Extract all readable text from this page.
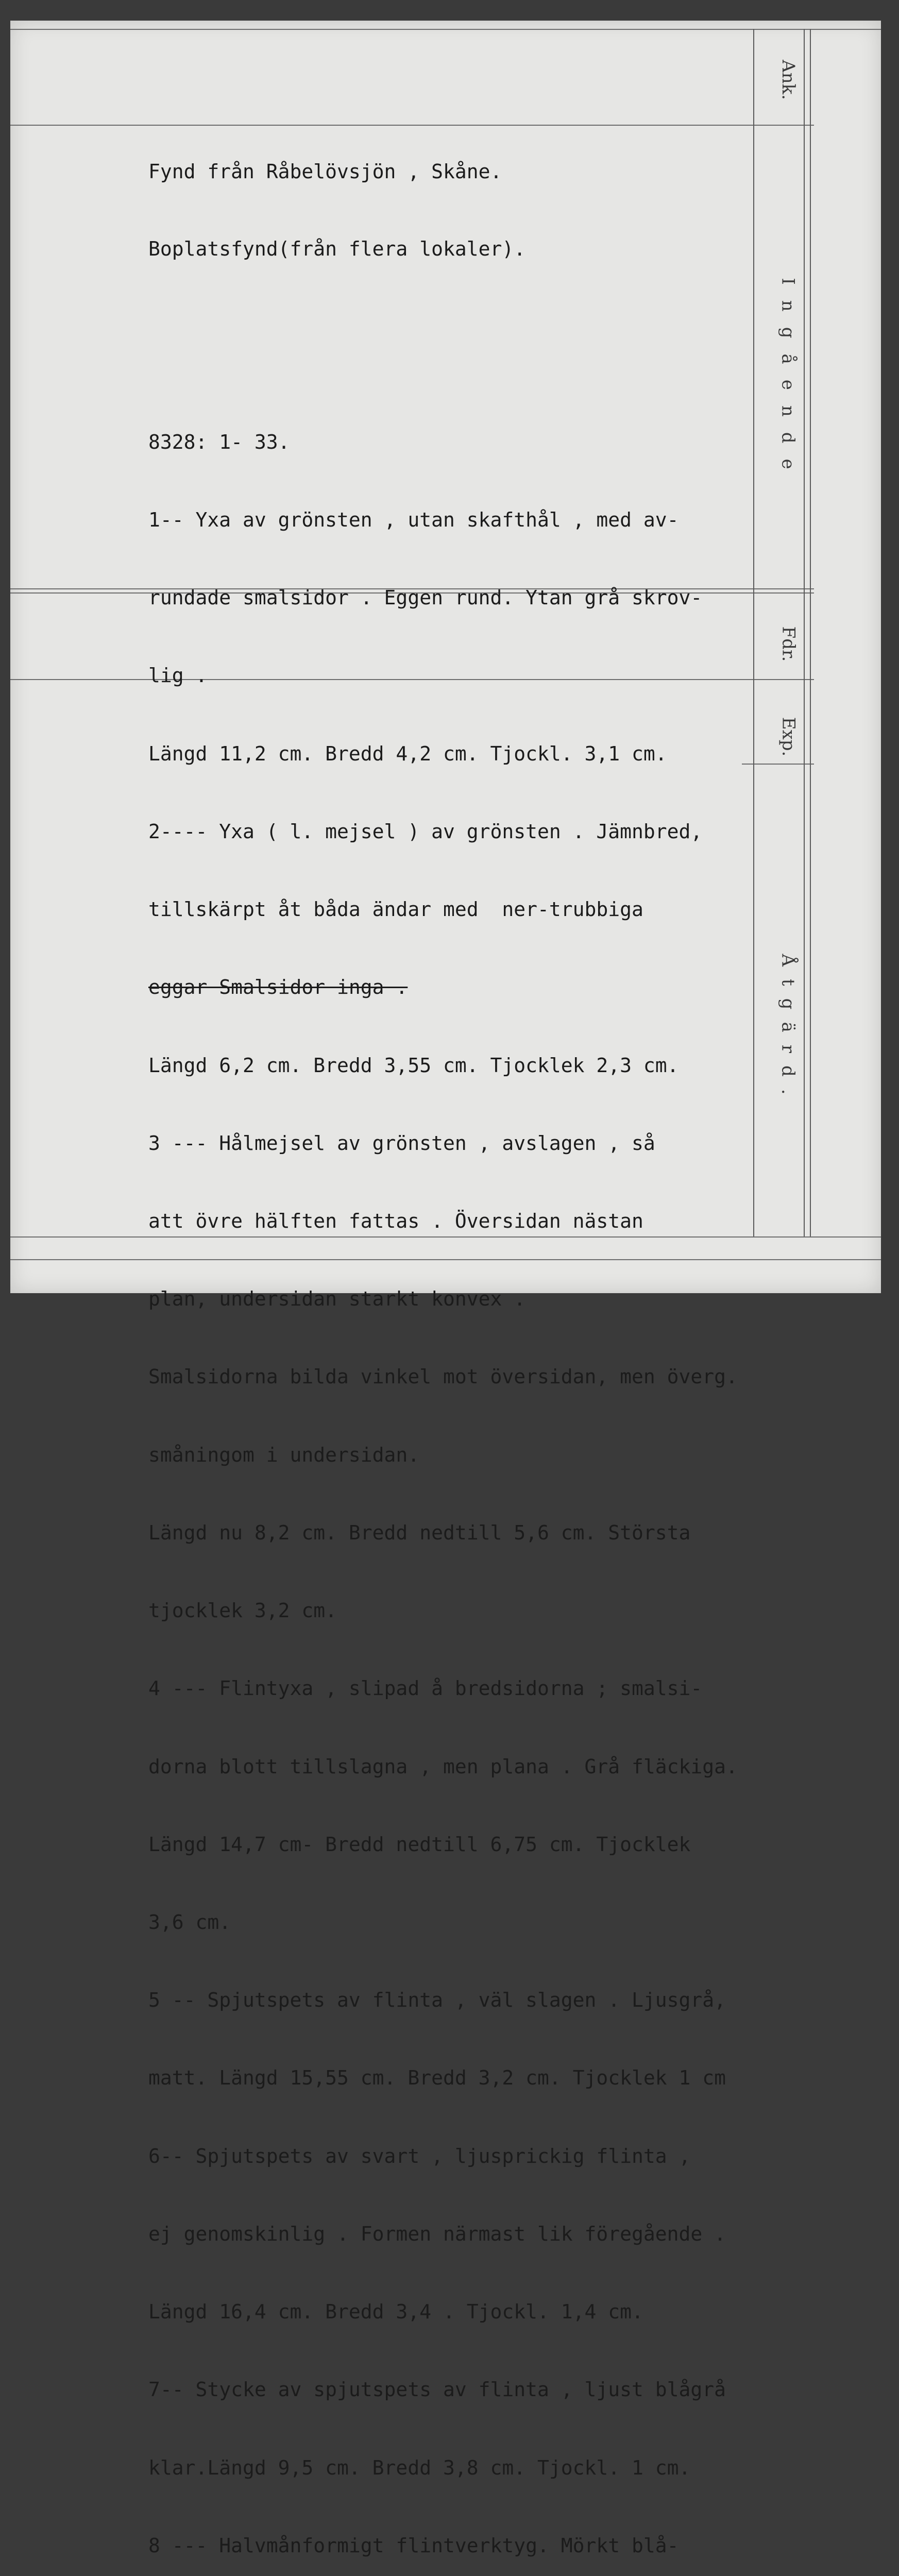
Ank.
Ingående
Fdr.
Exp.
Åtgärd.

Fynd från Råbelövsjön , Skåne.

Boplatsfynd(från flera lokaler).

8328: 1- 33.

1-- Yxa av grönsten , utan skafthål , med av-

rundade smalsidor . Eggen rund. Ytan grå skrov-

lig .

Längd 11,2 cm. Bredd 4,2 cm. Tjockl. 3,1 cm.

2---- Yxa ( l. mejsel ) av grönsten . Jämnbred,

tillskärpt åt båda ändar med  ner-trubbiga

eggar Smalsidor inga .

Längd 6,2 cm. Bredd 3,55 cm. Tjocklek 2,3 cm.

3 --- Hålmejsel av grönsten , avslagen , så

att övre hälften fattas . Översidan nästan

plan, undersidan starkt konvex .

Smalsidorna bilda vinkel mot översidan, men överg.

småningom i undersidan.

Längd nu 8,2 cm. Bredd nedtill 5,6 cm. Största

tjocklek 3,2 cm.

4 --- Flintyxa , slipad å bredsidorna ; smalsi-

dorna blott tillslagna , men plana . Grå fläckiga.

Längd 14,7 cm- Bredd nedtill 6,75 cm. Tjocklek

3,6 cm.

5 -- Spjutspets av flinta , väl slagen . Ljusgrå,

matt. Längd 15,55 cm. Bredd 3,2 cm. Tjocklek 1 cm

6-- Spjutspets av svart , ljusprickig flinta ,

ej genomskinlig . Formen närmast lik föregående .

Längd 16,4 cm. Bredd 3,4 . Tjockl. 1,4 cm.

7-- Stycke av spjutspets av flinta , ljust blågrå

klar.Längd 9,5 cm. Bredd 3,8 cm. Tjockl. 1 cm.

8 --- Halvmånformigt flintverktyg. Mörkt blå-
